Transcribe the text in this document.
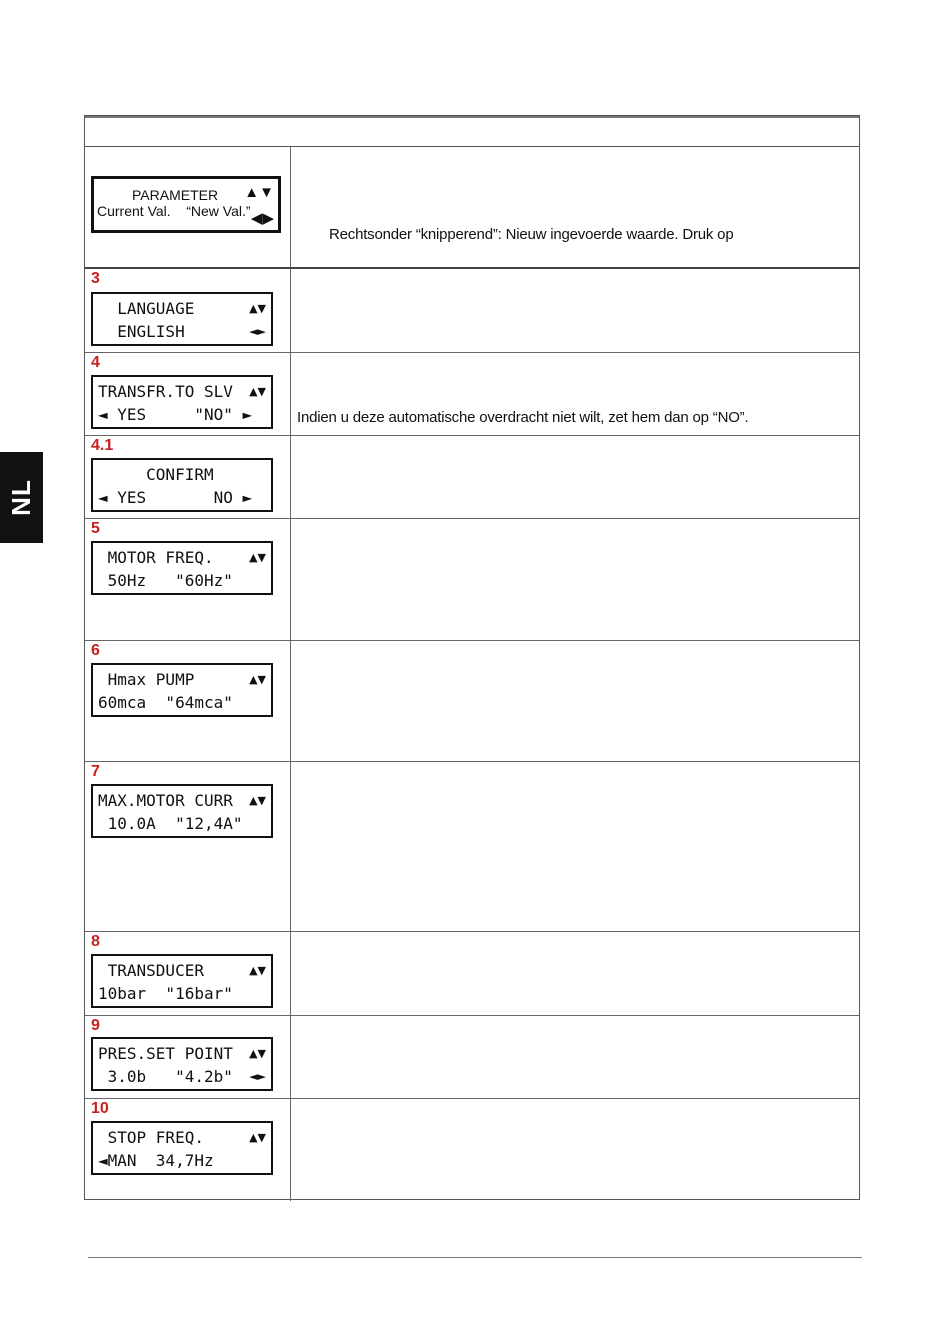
NL
PARAMETER
Current Val.    “New Val.”
▲▼
◀▶
Rechtsonder “knipperend”: Nieuw ingevoerde waarde. Druk op
3
LANGUAGE
ENGLISH
▲▼
◄►
4
TRANSFR.TO SLV
◄ YES     "NO" ►
▲▼
Indien u deze automatische overdracht niet wilt, zet hem dan op “NO”.
4.1
CONFIRM
◄ YES       NO ►
5
MOTOR FREQ.
50Hz   "60Hz"
▲▼
6
Hmax PUMP
60mca  "64mca"
▲▼
7
MAX.MOTOR CURR
10.0A  "12,4A"
▲▼
8
TRANSDUCER
10bar  "16bar"
▲▼
9
PRES.SET POINT
3.0b   "4.2b"
▲▼
◄►
10
STOP FREQ.
◄MAN  34,7Hz
▲▼
